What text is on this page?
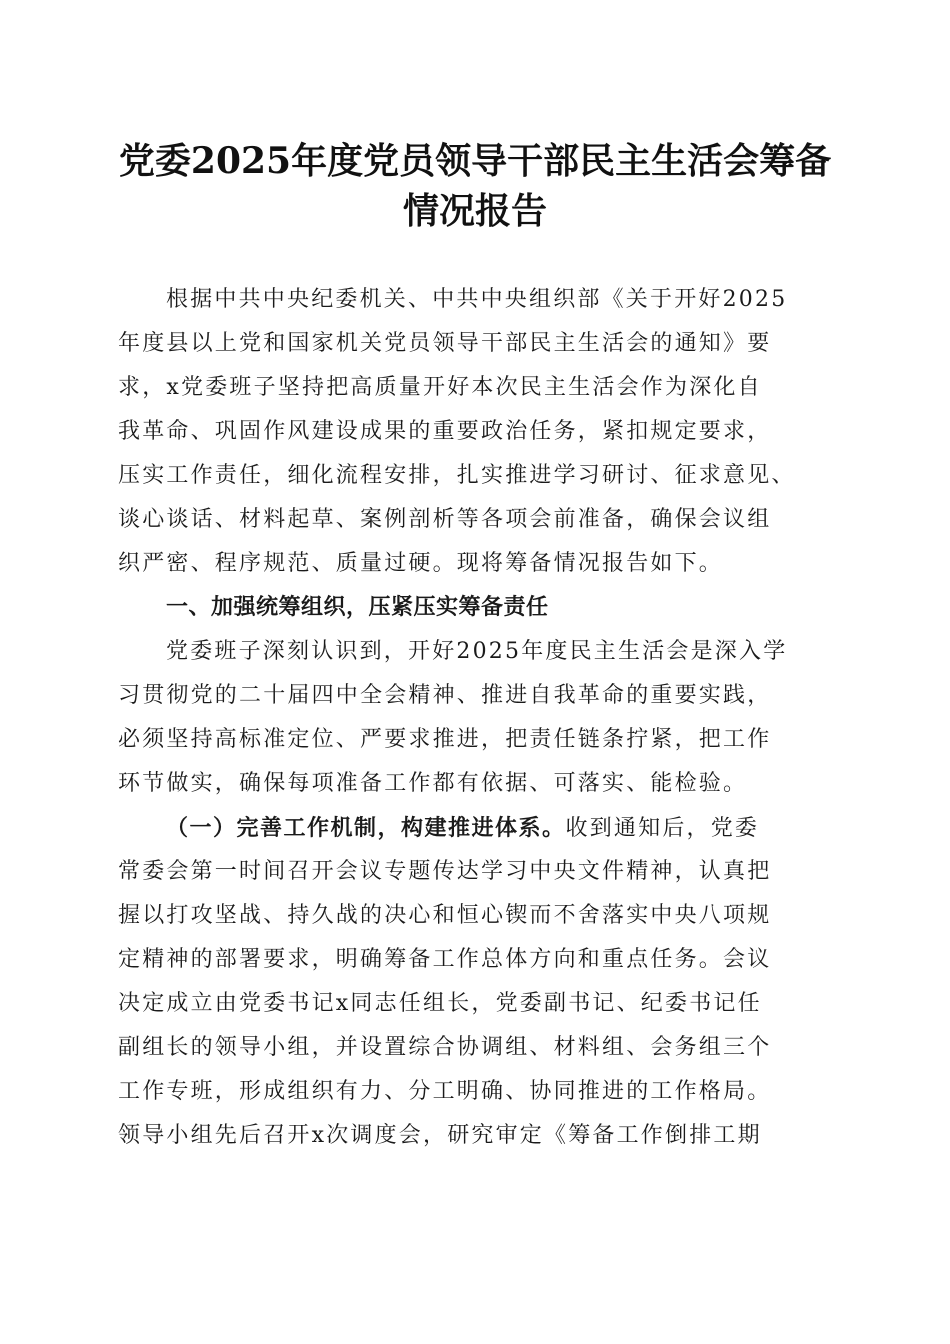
党委2025年度党员领导干部民主生活会筹备
情况报告
根据中共中央纪委机关、中共中央组织部《关于开好2025
年度县以上党和国家机关党员领导干部民主生活会的通知》要
求，x党委班子坚持把高质量开好本次民主生活会作为深化自
我革命、巩固作风建设成果的重要政治任务，紧扣规定要求，
压实工作责任，细化流程安排，扎实推进学习研讨、征求意见、
谈心谈话、材料起草、案例剖析等各项会前准备，确保会议组
织严密、程序规范、质量过硬。现将筹备情况报告如下。
一、加强统筹组织，压紧压实筹备责任
党委班子深刻认识到，开好2025年度民主生活会是深入学
习贯彻党的二十届四中全会精神、推进自我革命的重要实践，
必须坚持高标准定位、严要求推进，把责任链条拧紧，把工作
环节做实，确保每项准备工作都有依据、可落实、能检验。
（一）完善工作机制，构建推进体系。收到通知后，党委
常委会第一时间召开会议专题传达学习中央文件精神，认真把
握以打攻坚战、持久战的决心和恒心锲而不舍落实中央八项规
定精神的部署要求，明确筹备工作总体方向和重点任务。会议
决定成立由党委书记x同志任组长，党委副书记、纪委书记任
副组长的领导小组，并设置综合协调组、材料组、会务组三个
工作专班，形成组织有力、分工明确、协同推进的工作格局。
领导小组先后召开x次调度会，研究审定《筹备工作倒排工期
